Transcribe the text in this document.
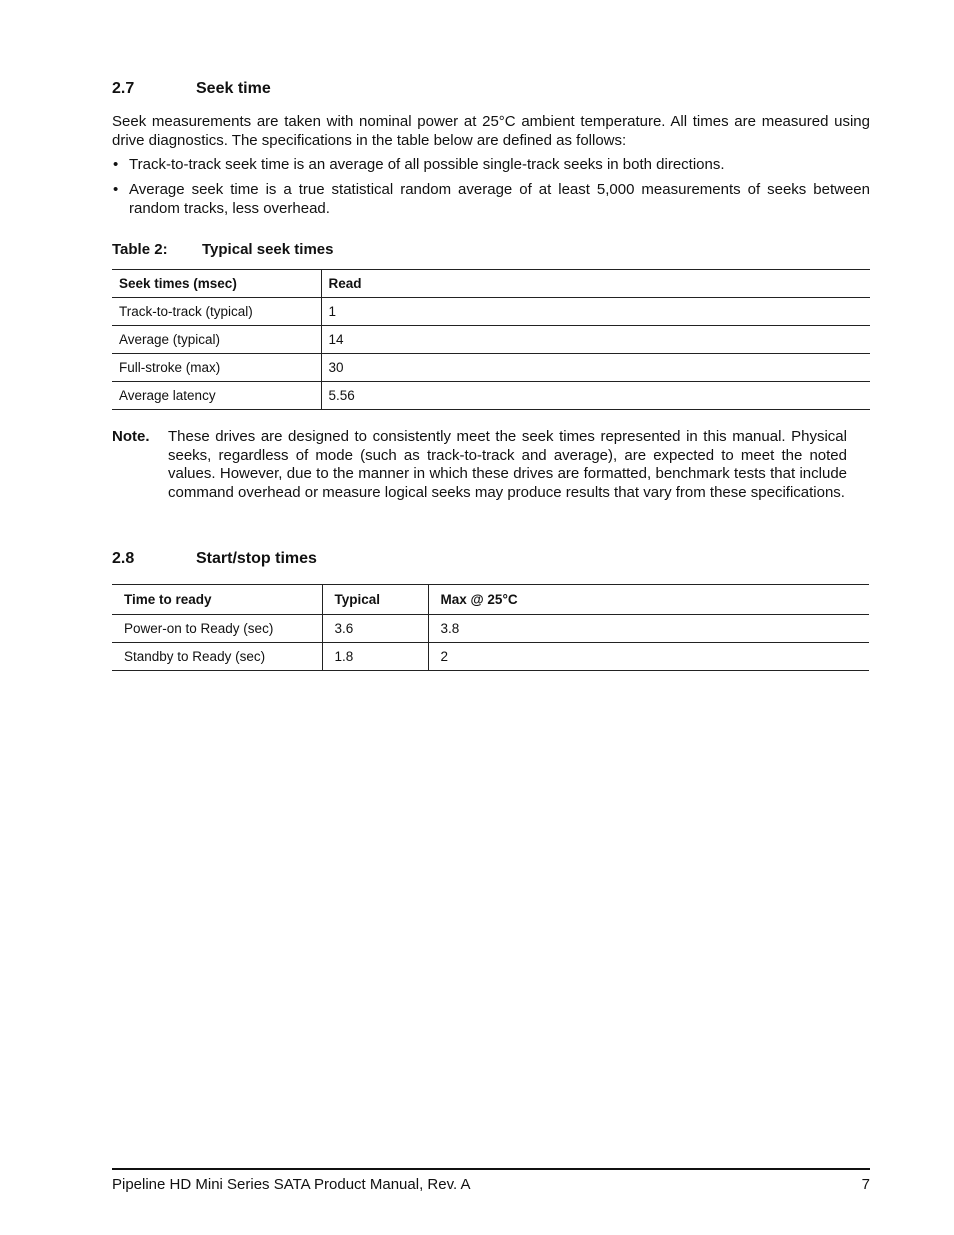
2.7	Seek time
Seek measurements are taken with nominal power at 25°C ambient temperature. All times are measured using drive diagnostics. The specifications in the table below are defined as follows:
• Track-to-track seek time is an average of all possible single-track seeks in both directions.
• Average seek time is a true statistical random average of at least 5,000 measurements of seeks between random tracks, less overhead.
Table 2: Typical seek times
Seek times (msec)	Read
Track-to-track (typical)	1
Average (typical)	14
Full-stroke (max)	30
Average latency	5.56
Note. These drives are designed to consistently meet the seek times represented in this manual. Physical seeks, regardless of mode (such as track-to-track and average), are expected to meet the noted values. However, due to the manner in which these drives are formatted, benchmark tests that include command overhead or measure logical seeks may produce results that vary from these specifications.
2.8	Start/stop times
Time to ready	Typical	Max @ 25°C
Power-on to Ready (sec)	3.6	3.8
Standby to Ready (sec)	1.8	2
Pipeline HD Mini Series SATA Product Manual, Rev. A	7
